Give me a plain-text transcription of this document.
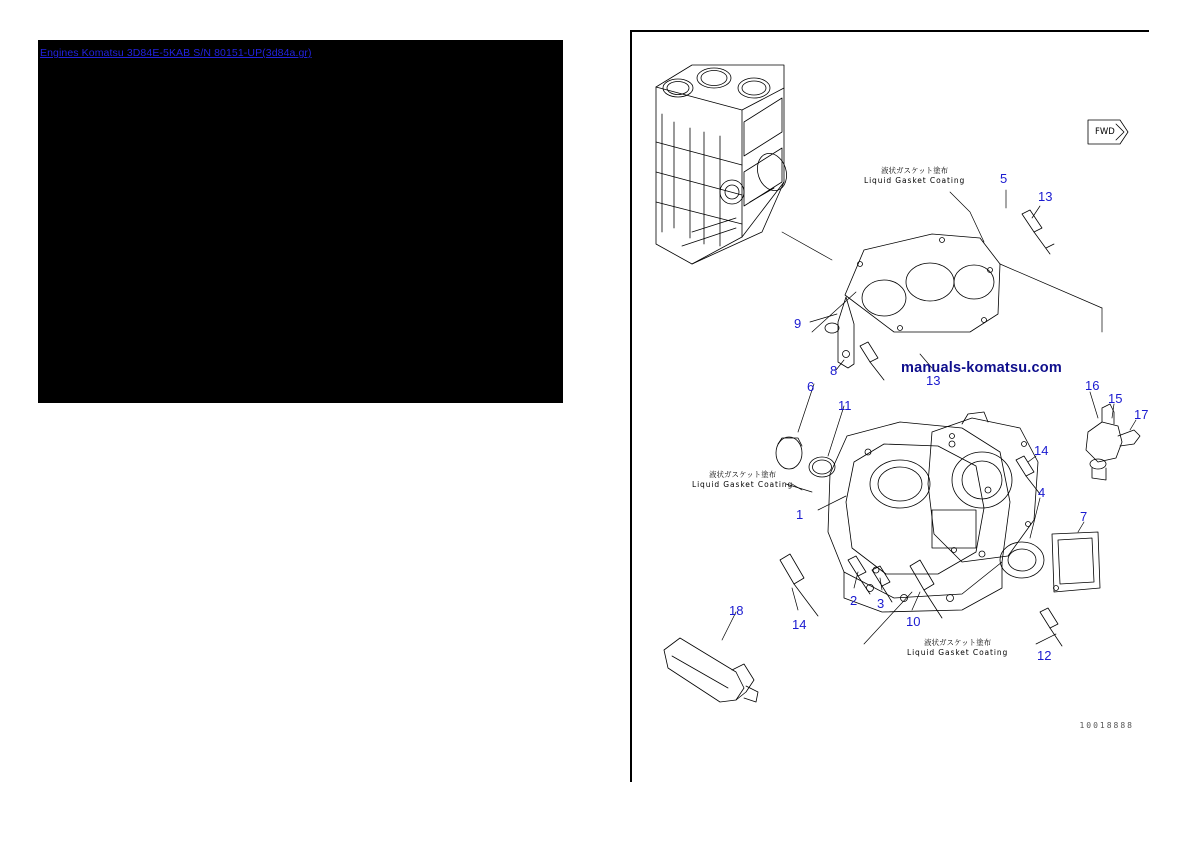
Engines Komatsu 3D84E-5KAB S/N 80151-UP(3d84a.gr)
FWD
液状ガスケット塗布
Liquid Gasket Coating
液状ガスケット塗布
Liquid Gasket Coating
液状ガスケット塗布
Liquid Gasket Coating
manuals-komatsu.com
10018888
5
13
9
8
13
6
11
16
15
17
14
1
4
7
2 3
10
14
12
18
